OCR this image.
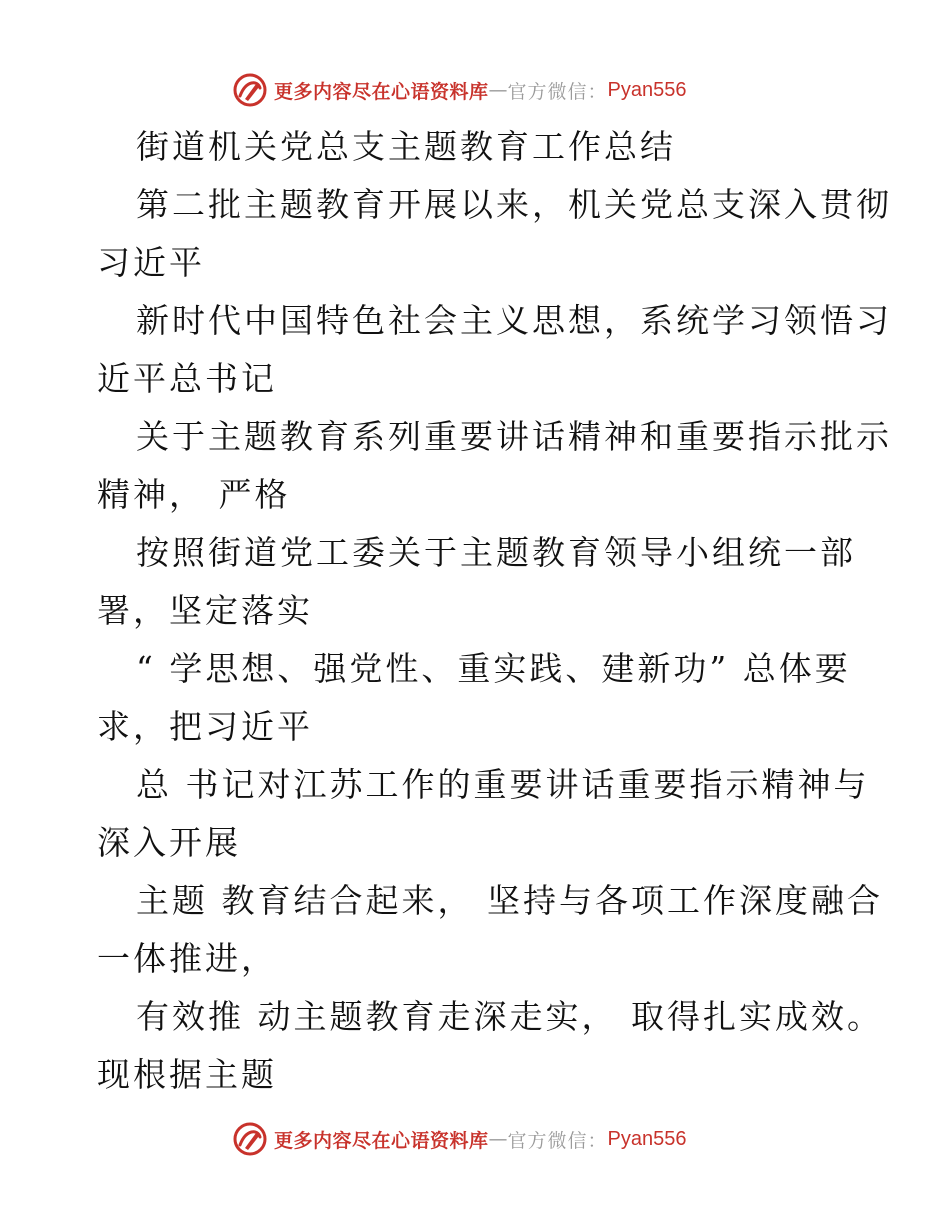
更多内容尽在心语资料库 — 官方微信： Pyan556
街道机关党总支主题教育工作总结
第二批主题教育开展以来，机关党总支深入贯彻
习近平
新时代中国特色社会主义思想，系统学习领悟习
近平总书记
关于主题教育系列重要讲话精神和重要指示批示
精神， 严格
按照街道党工委关于主题教育领导小组统一部
署，坚定落实
“ 学思想、强党性、重实践、建新功” 总体要
求，把习近平
总 书记对江苏工作的重要讲话重要指示精神与
深入开展
主题 教育结合起来， 坚持与各项工作深度融合
一体推进，
有效推 动主题教育走深走实， 取得扎实成效。
现根据主题
更多内容尽在心语资料库 — 官方微信： Pyan556
